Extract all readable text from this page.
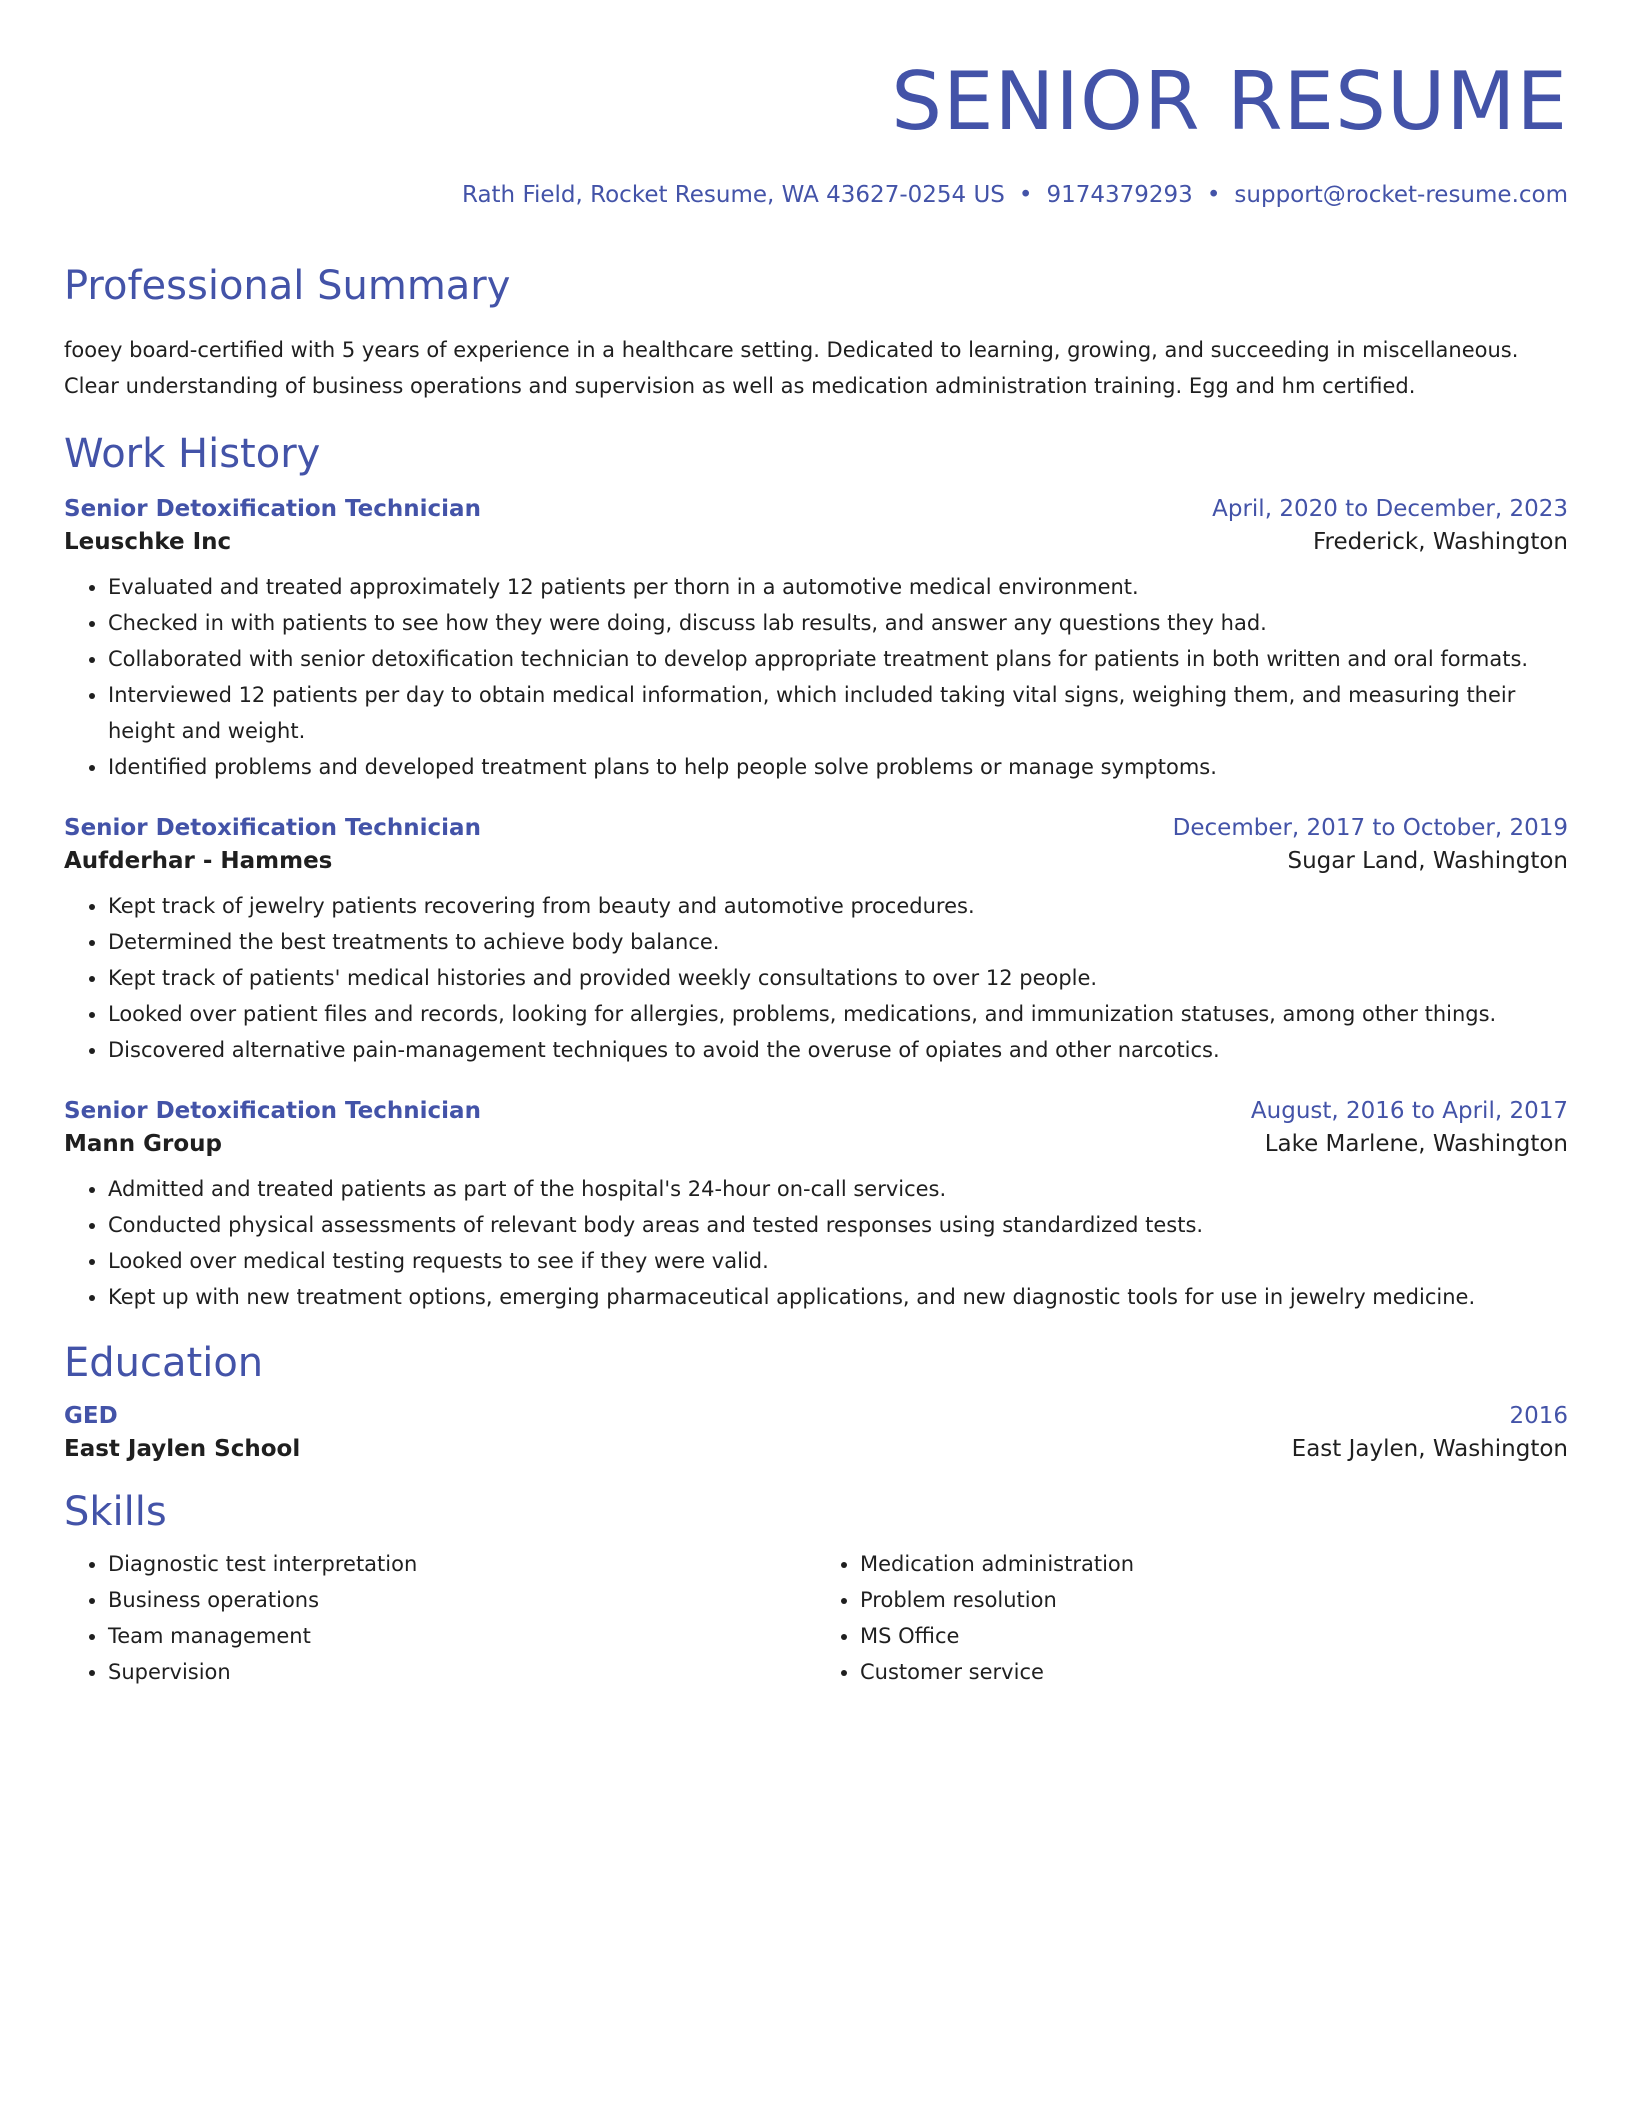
SENIOR RESUME
Rath Field, Rocket Resume, WA 43627-0254 US • 9174379293 • support@rocket-resume.com
Professional Summary

fooey board-certified with 5 years of experience in a healthcare setting. Dedicated to learning, growing, and succeeding in miscellaneous. Clear understanding of business operations and supervision as well as medication administration training. Egg and hm certified.

Work History
Senior Detoxification Technician	April, 2020 to December, 2023
Leuschke Inc	Frederick, Washington
• Evaluated and treated approximately 12 patients per thorn in a automotive medical environment.
• Checked in with patients to see how they were doing, discuss lab results, and answer any questions they had.
• Collaborated with senior detoxification technician to develop appropriate treatment plans for patients in both written and oral formats.
• Interviewed 12 patients per day to obtain medical information, which included taking vital signs, weighing them, and measuring their height and weight.
• Identified problems and developed treatment plans to help people solve problems or manage symptoms.
Senior Detoxification Technician	December, 2017 to October, 2019
Aufderhar - Hammes	Sugar Land, Washington
• Kept track of jewelry patients recovering from beauty and automotive procedures.
• Determined the best treatments to achieve body balance.
• Kept track of patients' medical histories and provided weekly consultations to over 12 people.
• Looked over patient files and records, looking for allergies, problems, medications, and immunization statuses, among other things.
• Discovered alternative pain-management techniques to avoid the overuse of opiates and other narcotics.
Senior Detoxification Technician	August, 2016 to April, 2017
Mann Group	Lake Marlene, Washington
• Admitted and treated patients as part of the hospital's 24-hour on-call services.
• Conducted physical assessments of relevant body areas and tested responses using standardized tests.
• Looked over medical testing requests to see if they were valid.
• Kept up with new treatment options, emerging pharmaceutical applications, and new diagnostic tools for use in jewelry medicine.
Education
GED	2016
East Jaylen School	East Jaylen, Washington
Skills
• Diagnostic test interpretation
• Business operations
• Team management
• Supervision
• Medication administration
• Problem resolution
• MS Office
• Customer service
